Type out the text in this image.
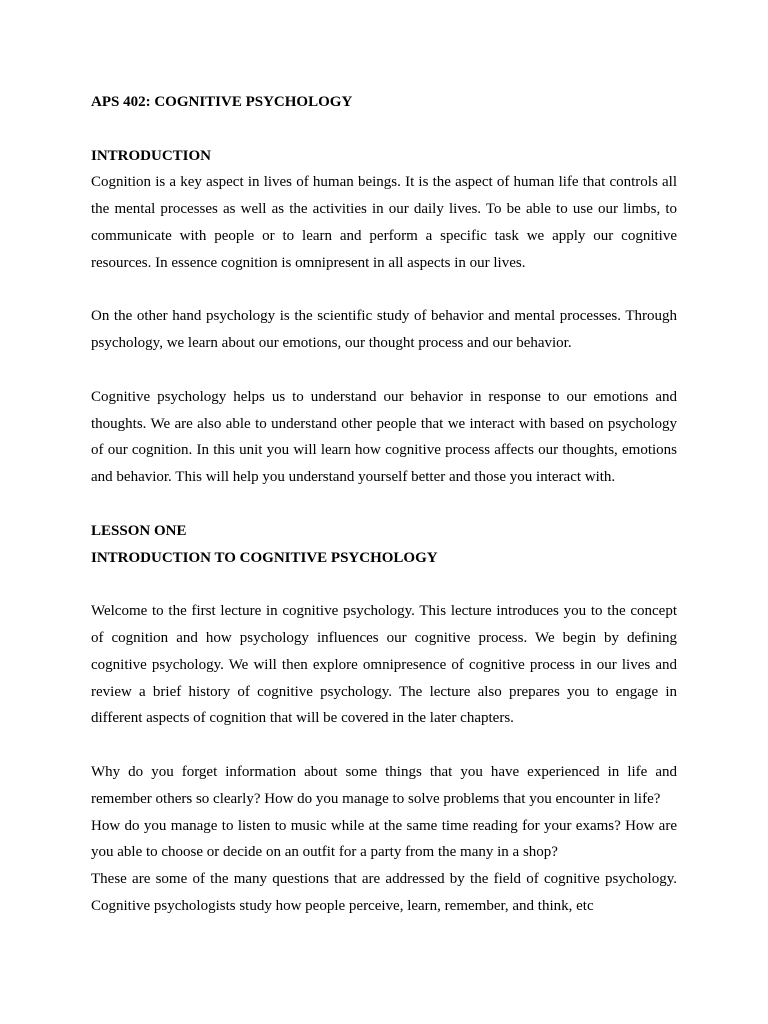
APS 402: COGNITIVE PSYCHOLOGY

INTRODUCTION

Cognition is a key aspect in lives of human beings. It is the aspect of human life that controls all the mental processes as well as the activities in our daily lives. To be able to use our limbs, to communicate with people or to learn and perform a specific task we apply our cognitive resources. In essence cognition is omnipresent in all aspects in our lives.

On the other hand psychology is the scientific study of behavior and mental processes. Through psychology, we learn about our emotions, our thought process and our behavior.

Cognitive psychology helps us to understand our behavior in response to our emotions and thoughts. We are also able to understand other people that we interact with based on psychology of our cognition. In this unit you will learn how cognitive process affects our thoughts, emotions and behavior. This will help you understand yourself better and those you interact with.

LESSON ONE

INTRODUCTION TO COGNITIVE PSYCHOLOGY

Welcome to the first lecture in cognitive psychology. This lecture introduces you to the concept of cognition and how psychology influences our cognitive process. We begin by defining cognitive psychology. We will then explore omnipresence of cognitive process in our lives and review a brief history of cognitive psychology. The lecture also prepares you to engage in different aspects of cognition that will be covered in the later chapters.

Why do you forget information about some things that you have experienced in life and remember others so clearly? How do you manage to solve problems that you encounter in life?

How do you manage to listen to music while at the same time reading for your exams? How are you able to choose or decide on an outfit for a party from the many in a shop?

These are some of the many questions that are addressed by the field of cognitive psychology. Cognitive psychologists study how people perceive, learn, remember, and think, etc
